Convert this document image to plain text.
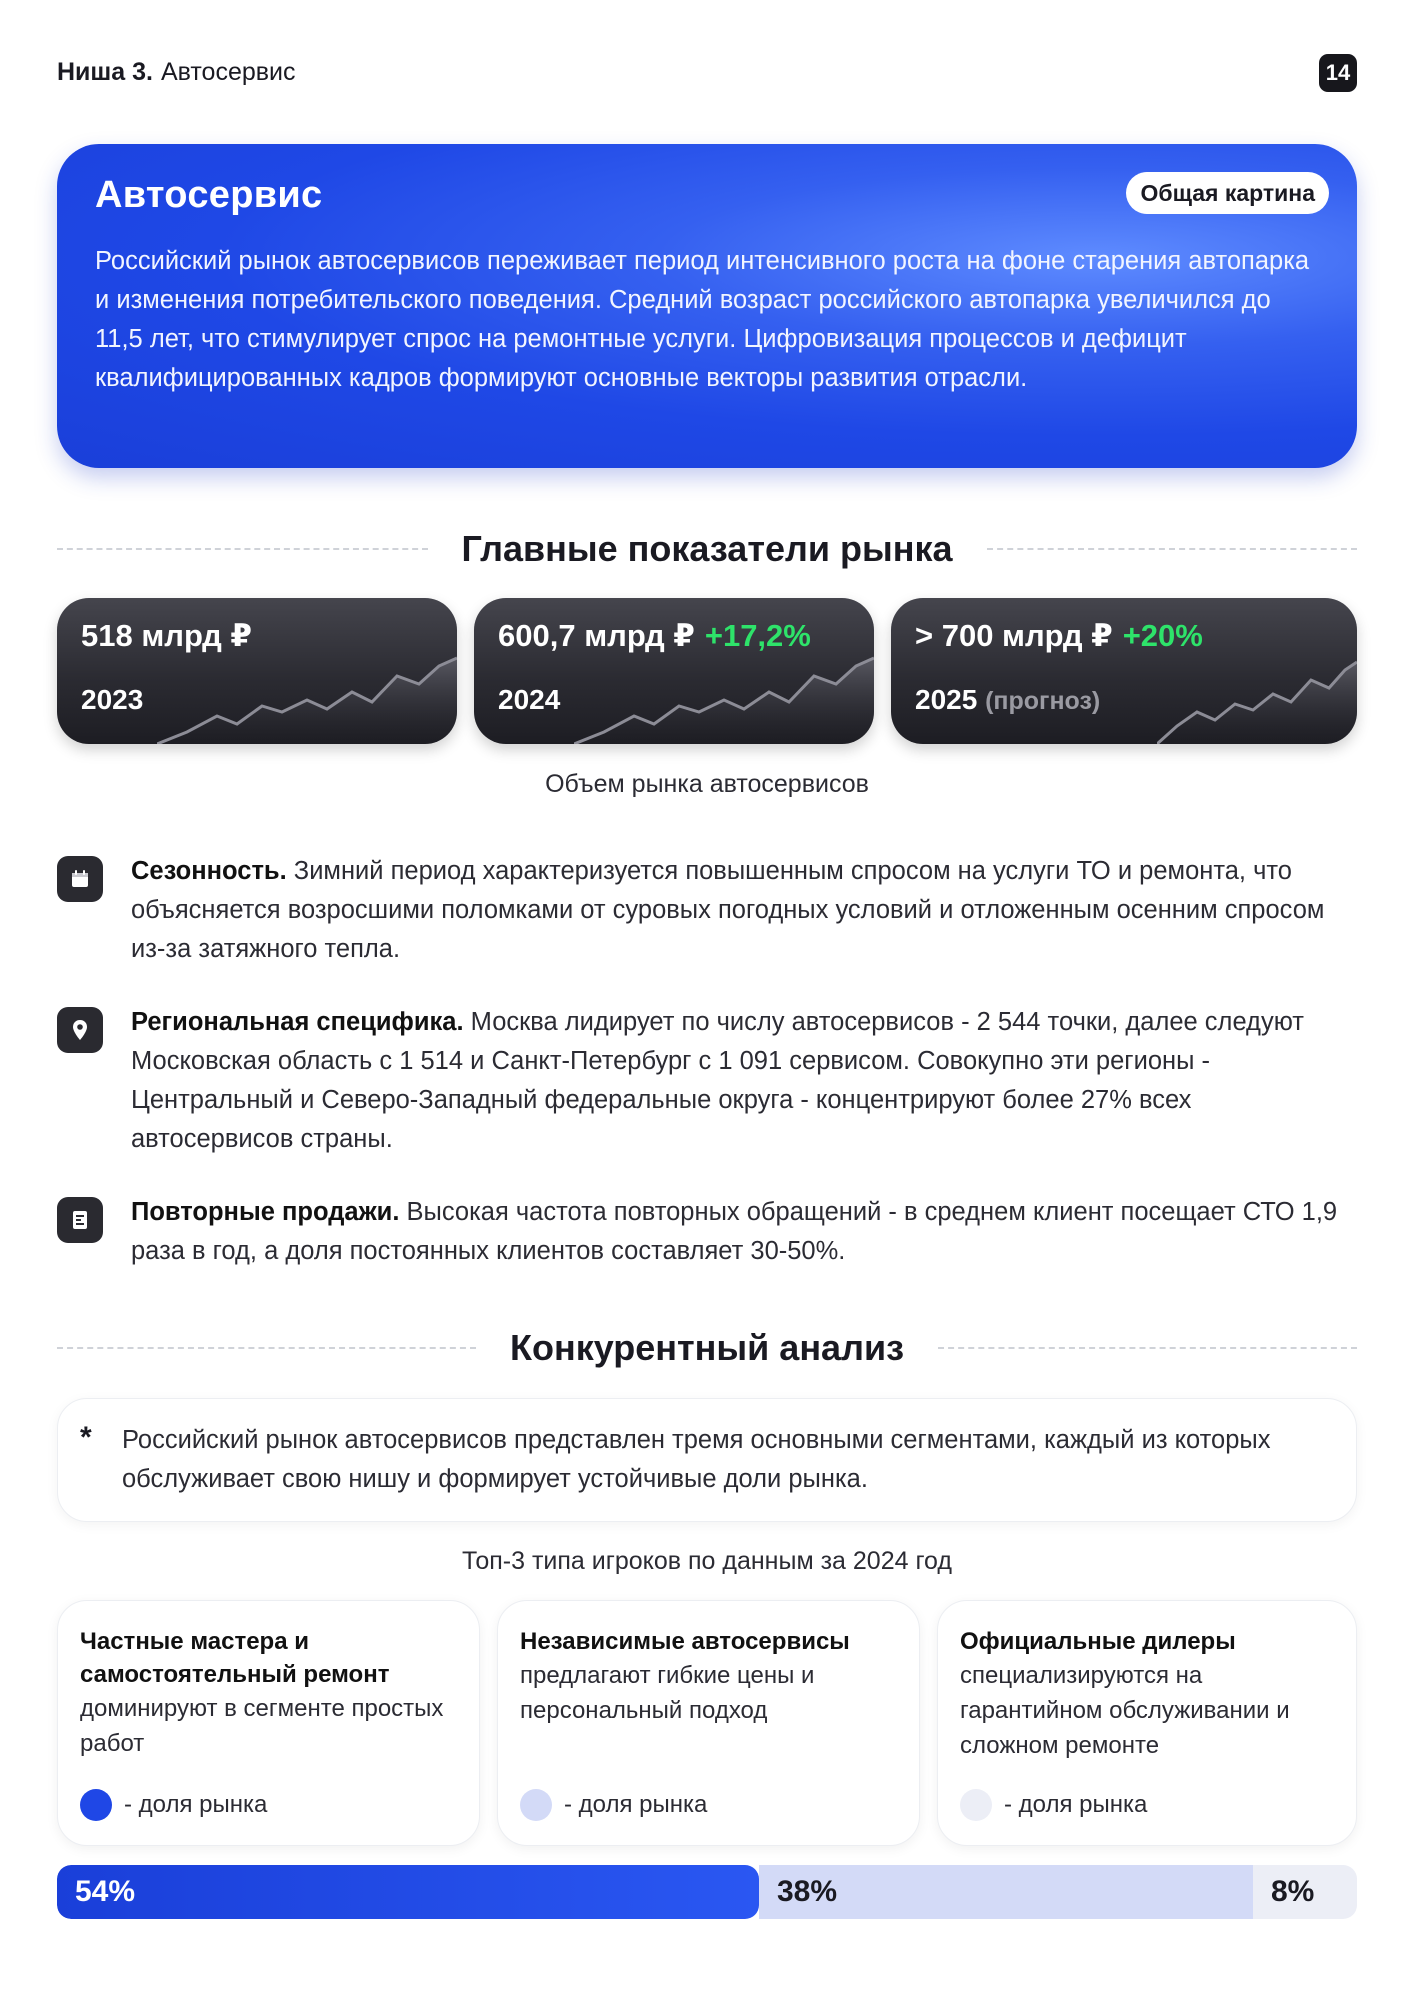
Ниша 3. Автосервис	14
Автосервис	Общая картина
Российский рынок автосервисов переживает период интенсивного роста на фоне старения автопарка и изменения потребительского поведения. Средний возраст российского автопарка увеличился до 11,5 лет, что стимулирует спрос на ремонтные услуги. Цифровизация процессов и дефицит квалифицированных кадров формируют основные векторы развития отрасли.
Главные показатели рынка
518 млрд ₽
2023
600,7 млрд ₽ +17,2%
2024
> 700 млрд ₽ +20%
2025 (прогноз)
Объем рынка автосервисов
Сезонность. Зимний период характеризуется повышенным спросом на услуги ТО и ремонта, что объясняется возросшими поломками от суровых погодных условий и отложенным осенним спросом из-за затяжного тепла.
Региональная специфика. Москва лидирует по числу автосервисов - 2 544 точки, далее следуют Московская область с 1 514 и Санкт-Петербург с 1 091 сервисом. Совокупно эти регионы - Центральный и Северо-Западный федеральные округа - концентрируют более 27% всех автосервисов страны.
Повторные продажи. Высокая частота повторных обращений - в среднем клиент посещает СТО 1,9 раза в год, а доля постоянных клиентов составляет 30-50%.
Конкурентный анализ
* Российский рынок автосервисов представлен тремя основными сегментами, каждый из которых обслуживает свою нишу и формирует устойчивые доли рынка.
Топ-3 типа игроков по данным за 2024 год
Частные мастера и самостоятельный ремонт
доминируют в сегменте простых работ
- доля рынка
Независимые автосервисы
предлагают гибкие цены и персональный подход
- доля рынка
Официальные дилеры
специализируются на гарантийном обслуживании и сложном ремонте
- доля рынка
54%	38%	8%
